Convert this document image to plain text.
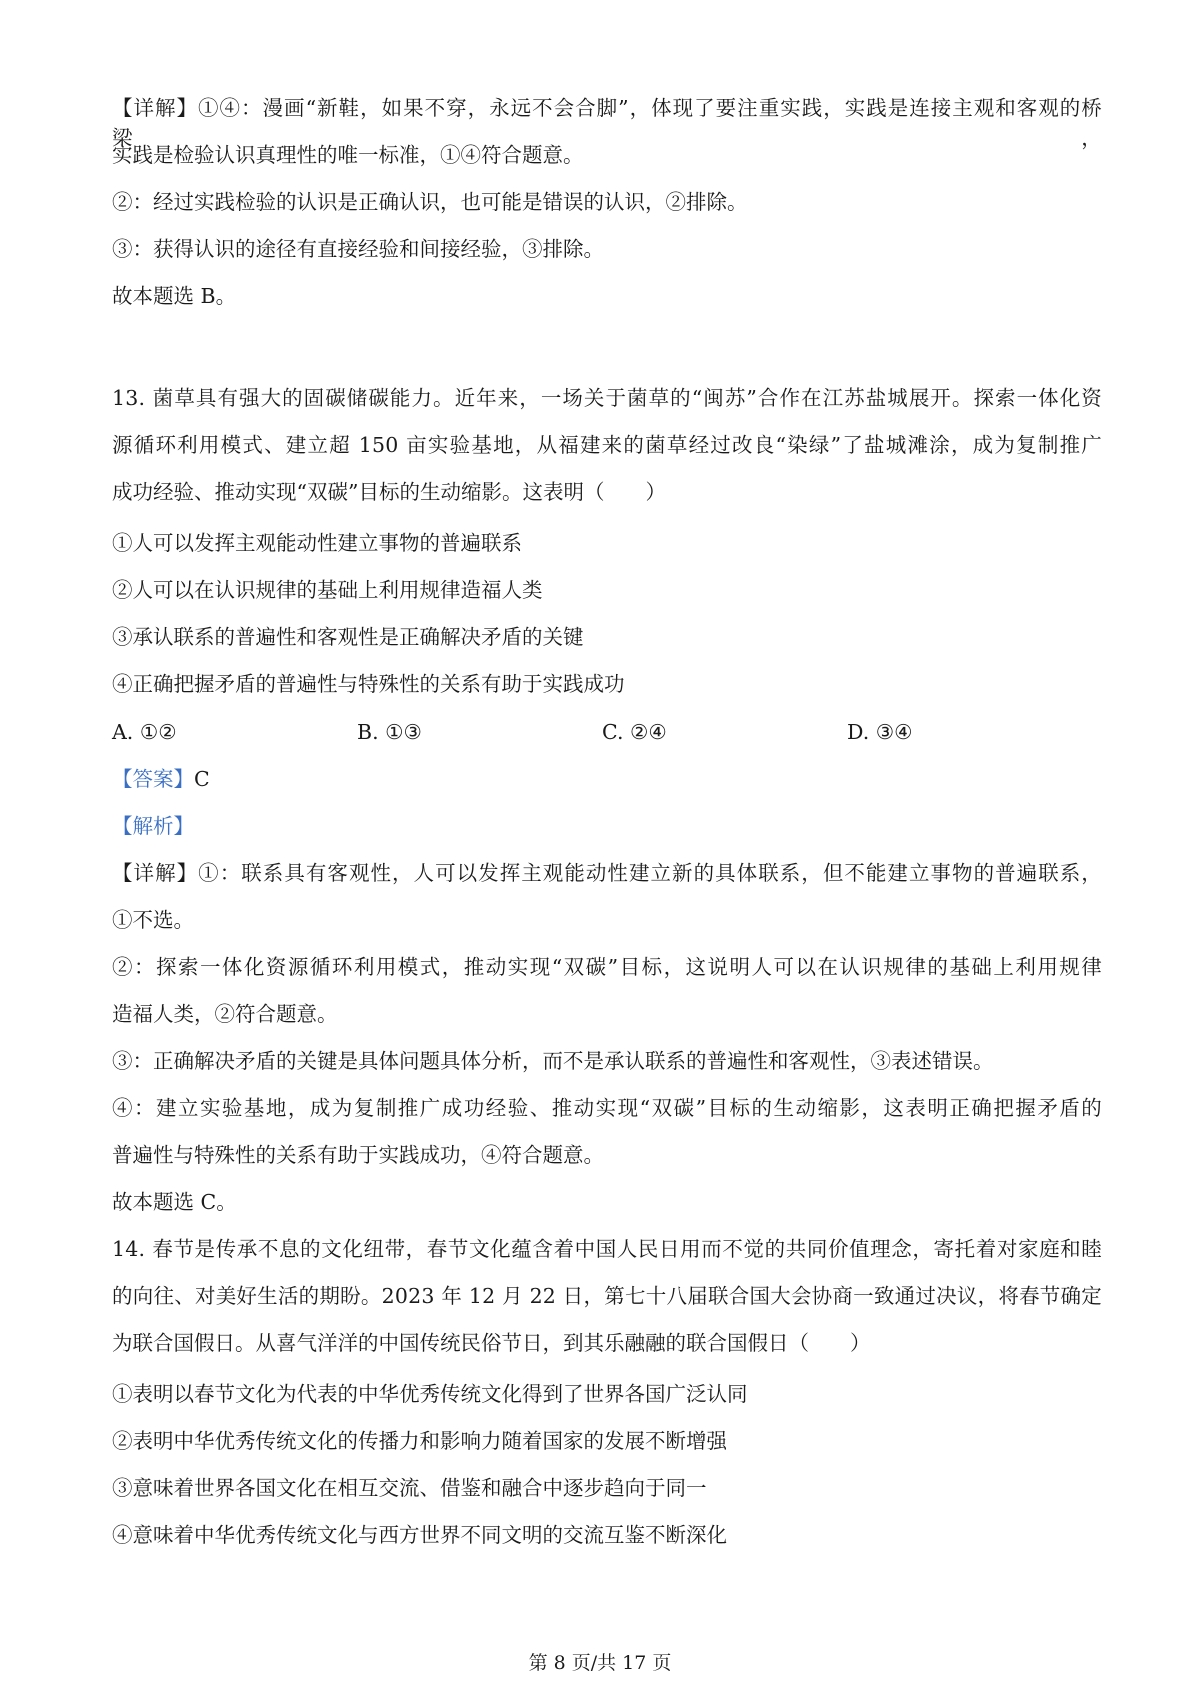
【详解】①④：漫画“新鞋，如果不穿，永远不会合脚”，体现了要注重实践，实践是连接主观和客观的桥梁，
实践是检验认识真理性的唯一标准，①④符合题意。
②：经过实践检验的认识是正确认识，也可能是错误的认识，②排除。
③：获得认识的途径有直接经验和间接经验，③排除。
故本题选 B。
13. 菌草具有强大的固碳储碳能力。近年来，一场关于菌草的“闽苏”合作在江苏盐城展开。探索一体化资
源循环利用模式、建立超 150 亩实验基地，从福建来的菌草经过改良“染绿”了盐城滩涂，成为复制推广
成功经验、推动实现“双碳”目标的生动缩影。这表明（　　）
①人可以发挥主观能动性建立事物的普遍联系
②人可以在认识规律的基础上利用规律造福人类
③承认联系的普遍性和客观性是正确解决矛盾的关键
④正确把握矛盾的普遍性与特殊性的关系有助于实践成功
A. ①②	B. ①③	C. ②④	D. ③④
【答案】C
【解析】
【详解】①：联系具有客观性，人可以发挥主观能动性建立新的具体联系，但不能建立事物的普遍联系，
①不选。
②：探索一体化资源循环利用模式，推动实现“双碳”目标，这说明人可以在认识规律的基础上利用规律
造福人类，②符合题意。
③：正确解决矛盾的关键是具体问题具体分析，而不是承认联系的普遍性和客观性，③表述错误。
④：建立实验基地，成为复制推广成功经验、推动实现“双碳”目标的生动缩影，这表明正确把握矛盾的
普遍性与特殊性的关系有助于实践成功，④符合题意。
故本题选 C。
14. 春节是传承不息的文化纽带，春节文化蕴含着中国人民日用而不觉的共同价值理念，寄托着对家庭和睦
的向往、对美好生活的期盼。2023 年 12 月 22 日，第七十八届联合国大会协商一致通过决议，将春节确定
为联合国假日。从喜气洋洋的中国传统民俗节日，到其乐融融的联合国假日（　　）
①表明以春节文化为代表的中华优秀传统文化得到了世界各国广泛认同
②表明中华优秀传统文化的传播力和影响力随着国家的发展不断增强
③意味着世界各国文化在相互交流、借鉴和融合中逐步趋向于同一
④意味着中华优秀传统文化与西方世界不同文明的交流互鉴不断深化
第 8 页/共 17 页
